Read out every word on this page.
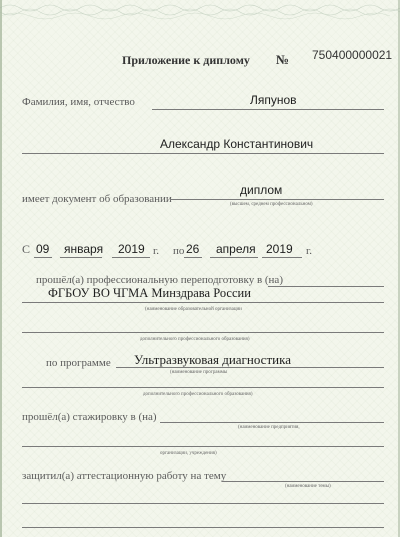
Приложение к диплому № 750400000021
Фамилия, имя, отчество	Ляпунов
Александр Константинович
имеет документ об образовании
диплом
(высшем, среднем профессиональном)
С 09 января 2019 г. по 26 апреля 2019 г.
прошёл(а) профессиональную переподготовку в (на)
ФГБОУ ВО ЧГМА Минздрава России
(наименование образовательной организации
дополнительного профессионального образования)
по программе Ультразвуковая диагностика
(наименование программы
дополнительного профессионального образования)
прошёл(а) стажировку в (на)
(наименование предприятия,
организации, учреждения)
защитил(а) аттестационную работу на тему
(наименование темы)
